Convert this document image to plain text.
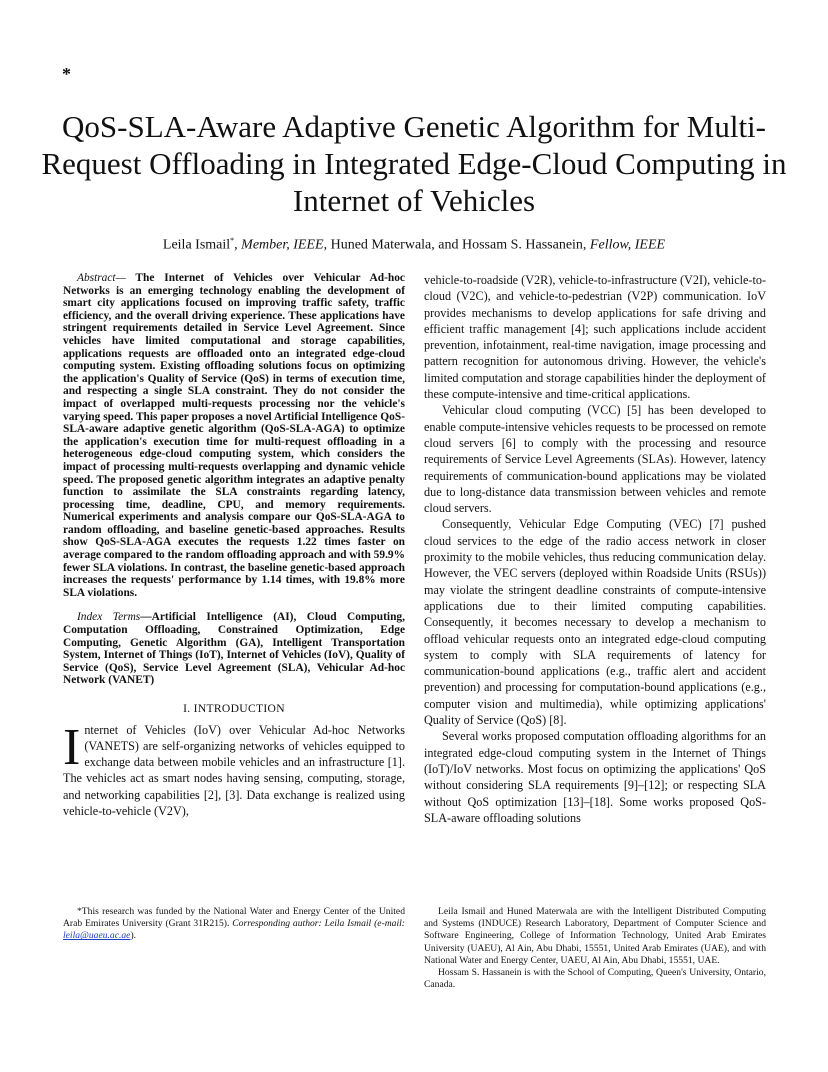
*
QoS-SLA-Aware Adaptive Genetic Algorithm for Multi-Request Offloading in Integrated Edge-Cloud Computing in Internet of Vehicles
Leila Ismail*, Member, IEEE, Huned Materwala, and Hossam S. Hassanein, Fellow, IEEE

Abstract— The Internet of Vehicles over Vehicular Ad-hoc Networks is an emerging technology enabling the development of smart city applications focused on improving traffic safety, traffic efficiency, and the overall driving experience. These applications have stringent requirements detailed in Service Level Agreement. Since vehicles have limited computational and storage capabilities, applications requests are offloaded onto an integrated edge-cloud computing system. Existing offloading solutions focus on optimizing the application's Quality of Service (QoS) in terms of execution time, and respecting a single SLA constraint. They do not consider the impact of overlapped multi-requests processing nor the vehicle's varying speed. This paper proposes a novel Artificial Intelligence QoS-SLA-aware adaptive genetic algorithm (QoS-SLA-AGA) to optimize the application's execution time for multi-request offloading in a heterogeneous edge-cloud computing system, which considers the impact of processing multi-requests overlapping and dynamic vehicle speed. The proposed genetic algorithm integrates an adaptive penalty function to assimilate the SLA constraints regarding latency, processing time, deadline, CPU, and memory requirements. Numerical experiments and analysis compare our QoS-SLA-AGA to random offloading, and baseline genetic-based approaches. Results show QoS-SLA-AGA executes the requests 1.22 times faster on average compared to the random offloading approach and with 59.9% fewer SLA violations. In contrast, the baseline genetic-based approach increases the requests' performance by 1.14 times, with 19.8% more SLA violations.

Index Terms—Artificial Intelligence (AI), Cloud Computing, Computation Offloading, Constrained Optimization, Edge Computing, Genetic Algorithm (GA), Intelligent Transportation System, Internet of Things (IoT), Internet of Vehicles (IoV), Quality of Service (QoS), Service Level Agreement (SLA), Vehicular Ad-hoc Network (VANET)

I. INTRODUCTION

Internet of Vehicles (IoV) over Vehicular Ad-hoc Networks (VANETS) are self-organizing networks of vehicles equipped to exchange data between mobile vehicles and an infrastructure [1]. The vehicles act as smart nodes having sensing, computing, storage, and networking capabilities [2], [3]. Data exchange is realized using vehicle-to-vehicle (V2V),

vehicle-to-roadside (V2R), vehicle-to-infrastructure (V2I), vehicle-to-cloud (V2C), and vehicle-to-pedestrian (V2P) communication. IoV provides mechanisms to develop applications for safe driving and efficient traffic management [4]; such applications include accident prevention, infotainment, real-time navigation, image processing and pattern recognition for autonomous driving. However, the vehicle's limited computation and storage capabilities hinder the deployment of these compute-intensive and time-critical applications.

Vehicular cloud computing (VCC) [5] has been developed to enable compute-intensive vehicles requests to be processed on remote cloud servers [6] to comply with the processing and resource requirements of Service Level Agreements (SLAs). However, latency requirements of communication-bound applications may be violated due to long-distance data transmission between vehicles and remote cloud servers.

Consequently, Vehicular Edge Computing (VEC) [7] pushed cloud services to the edge of the radio access network in closer proximity to the mobile vehicles, thus reducing communication delay. However, the VEC servers (deployed within Roadside Units (RSUs)) may violate the stringent deadline constraints of compute-intensive applications due to their limited computing capabilities. Consequently, it becomes necessary to develop a mechanism to offload vehicular requests onto an integrated edge-cloud computing system to comply with SLA requirements of latency for communication-bound applications (e.g., traffic alert and accident prevention) and processing for computation-bound applications (e.g., computer vision and multimedia), while optimizing applications' Quality of Service (QoS) [8].

Several works proposed computation offloading algorithms for an integrated edge-cloud computing system in the Internet of Things (IoT)/IoV networks. Most focus on optimizing the applications' QoS without considering SLA requirements [9]–[12]; or respecting SLA without QoS optimization [13]–[18]. Some works proposed QoS-SLA-aware offloading solutions

*This research was funded by the National Water and Energy Center of the United Arab Emirates University (Grant 31R215). Corresponding author: Leila Ismail (e-mail: leila@uaeu.ac.ae).

Leila Ismail and Huned Materwala are with the Intelligent Distributed Computing and Systems (INDUCE) Research Laboratory, Department of Computer Science and Software Engineering, College of Information Technology, United Arab Emirates University (UAEU), Al Ain, Abu Dhabi, 15551, United Arab Emirates (UAE), and with National Water and Energy Center, UAEU, Al Ain, Abu Dhabi, 15551, UAE.

Hossam S. Hassanein is with the School of Computing, Queen's University, Ontario, Canada.
